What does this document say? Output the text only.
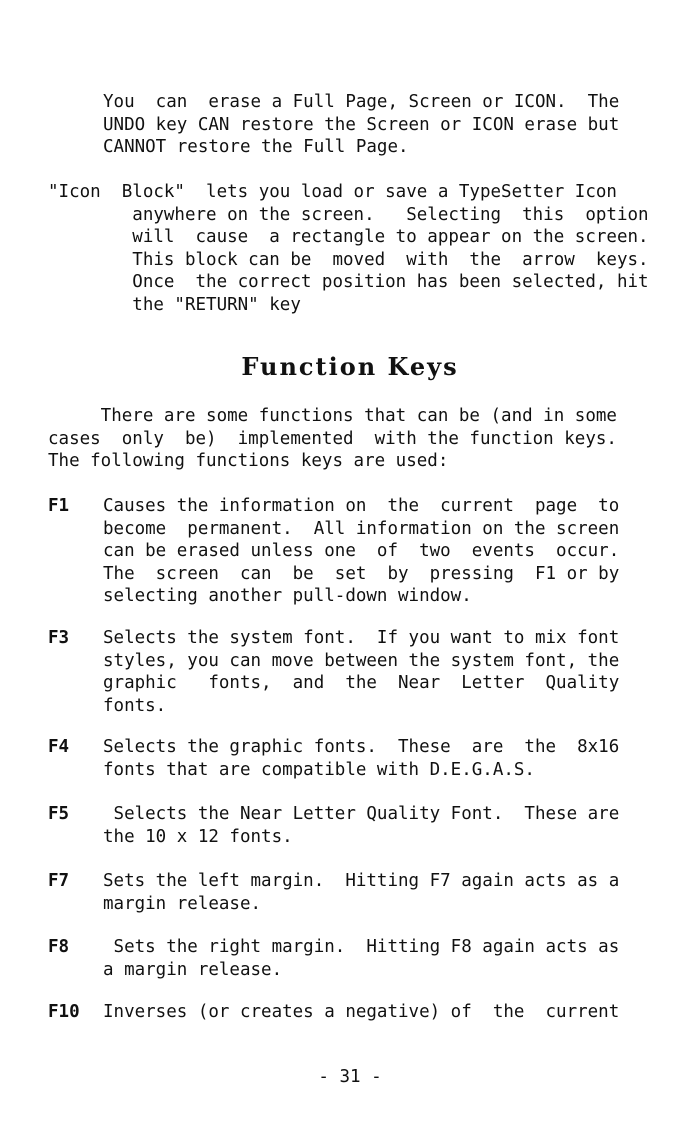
You  can  erase a Full Page, Screen or ICON.  The
UNDO key CAN restore the Screen or ICON erase but
CANNOT restore the Full Page.

"Icon  Block"  lets you load or save a TypeSetter Icon
anywhere on the screen.   Selecting  this  option
will  cause  a rectangle to appear on the screen.
This block can be  moved  with  the  arrow  keys.
Once  the correct position has been selected, hit
the "RETURN" key

Function Keys

There are some functions that can be (and in some
cases  only  be)  implemented  with the function keys.
The following functions keys are used:

F1 Causes the information on  the  current  page  to
become  permanent.  All information on the screen
can be erased unless one  of  two  events  occur.
The  screen  can  be  set  by  pressing  F1 or by
selecting another pull-down window.

F3 Selects the system font.  If you want to mix font
styles, you can move between the system font, the
graphic   fonts,  and  the  Near  Letter  Quality
fonts.

F4 Selects the graphic fonts.  These  are  the  8x16
fonts that are compatible with D.E.G.A.S.

F5	Selects the Near Letter Quality Font.  These are
the 10 x 12 fonts.

F7 Sets the left margin.  Hitting F7 again acts as a
margin release.

F8	Sets the right margin.  Hitting F8 again acts as
a margin release.

F10 Inverses (or creates a negative) of  the  current

- 31 -
